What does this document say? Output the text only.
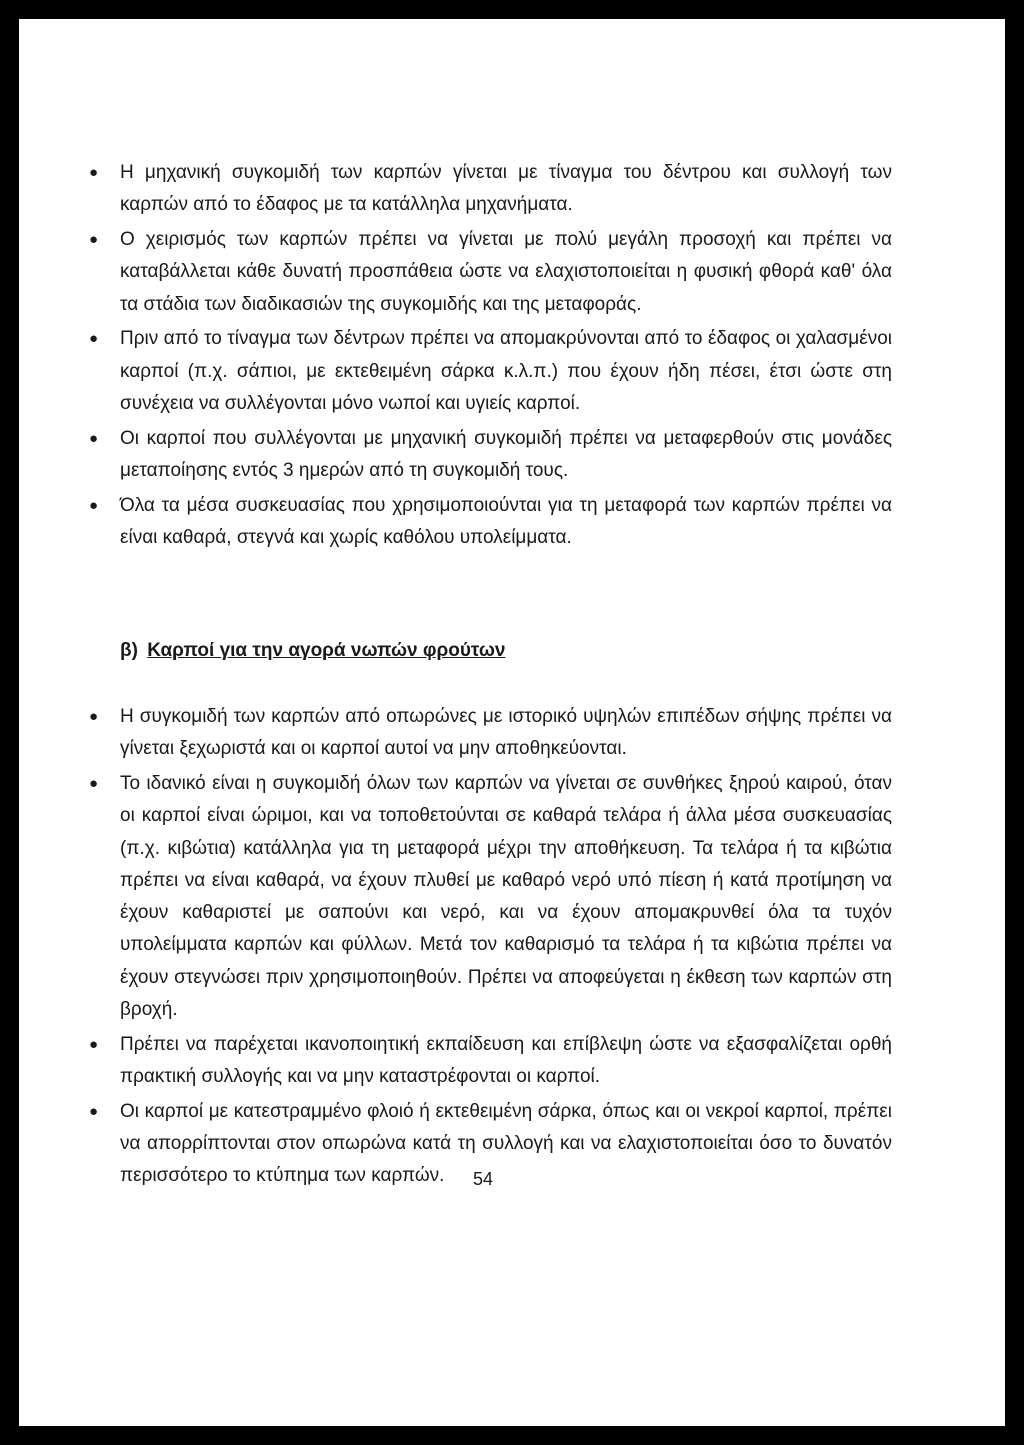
● Η μηχανική συγκομιδή των καρπών γίνεται με τίναγμα του δέντρου και συλλογή των καρπών από το έδαφος με τα κατάλληλα μηχανήματα.
● Ο χειρισμός των καρπών πρέπει να γίνεται με πολύ μεγάλη προσοχή και πρέπει να καταβάλλεται κάθε δυνατή προσπάθεια ώστε να ελαχιστοποιείται η φυσική φθορά καθ' όλα τα στάδια των διαδικασιών της συγκομιδής και της μεταφοράς.
● Πριν από το τίναγμα των δέντρων πρέπει να απομακρύνονται από το έδαφος οι χαλασμένοι καρποί (π.χ. σάπιοι, με εκτεθειμένη σάρκα κ.λ.π.) που έχουν ήδη πέσει, έτσι ώστε στη συνέχεια να συλλέγονται μόνο νωποί και υγιείς καρποί.
● Οι καρποί που συλλέγονται με μηχανική συγκομιδή πρέπει να μεταφερθούν στις μονάδες μεταποίησης εντός 3 ημερών από τη συγκομιδή τους.
● Όλα τα μέσα συσκευασίας που χρησιμοποιούνται για τη μεταφορά των καρπών πρέπει να είναι καθαρά, στεγνά και χωρίς καθόλου υπολείμματα.
β) Καρποί για την αγορά νωπών φρούτων
● Η συγκομιδή των καρπών από οπωρώνες με ιστορικό υψηλών επιπέδων σήψης πρέπει να γίνεται ξεχωριστά και οι καρποί αυτοί να μην αποθηκεύονται.
● Το ιδανικό είναι η συγκομιδή όλων των καρπών να γίνεται σε συνθήκες ξηρού καιρού, όταν οι καρποί είναι ώριμοι, και να τοποθετούνται σε καθαρά τελάρα ή άλλα μέσα συσκευασίας (π.χ. κιβώτια) κατάλληλα για τη μεταφορά μέχρι την αποθήκευση. Τα τελάρα ή τα κιβώτια πρέπει να είναι καθαρά, να έχουν πλυθεί με καθαρό νερό υπό πίεση ή κατά προτίμηση να έχουν καθαριστεί με σαπούνι και νερό, και να έχουν απομακρυνθεί όλα τα τυχόν υπολείμματα καρπών και φύλλων. Μετά τον καθαρισμό τα τελάρα ή τα κιβώτια πρέπει να έχουν στεγνώσει πριν χρησιμοποιηθούν. Πρέπει να αποφεύγεται η έκθεση των καρπών στη βροχή.
● Πρέπει να παρέχεται ικανοποιητική εκπαίδευση και επίβλεψη ώστε να εξασφαλίζεται ορθή πρακτική συλλογής και να μην καταστρέφονται οι καρποί.
● Οι καρποί με κατεστραμμένο φλοιό ή εκτεθειμένη σάρκα, όπως και οι νεκροί καρποί, πρέπει να απορρίπτονται στον οπωρώνα κατά τη συλλογή και να ελαχιστοποιείται όσο το δυνατόν περισσότερο το κτύπημα των καρπών.	54
